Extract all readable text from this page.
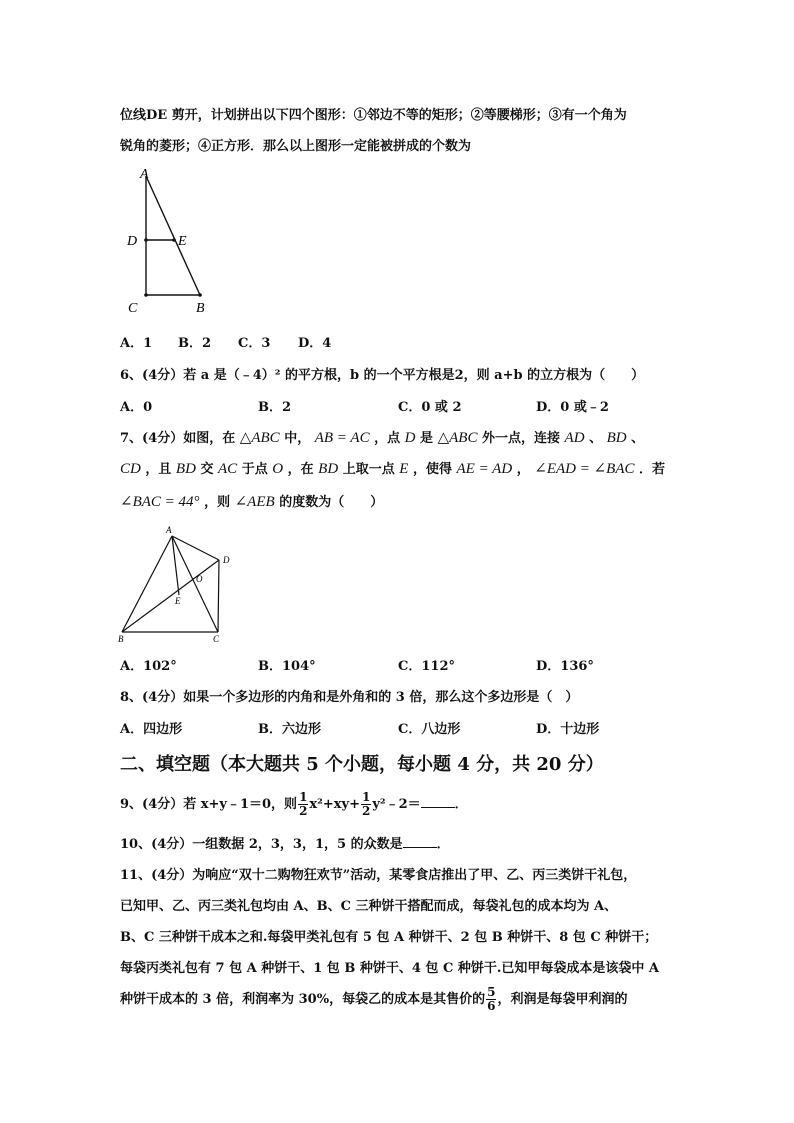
位线DE 剪开，计划拼出以下四个图形：①邻边不等的矩形；②等腰梯形；③有一个角为
锐角的菱形；④正方形．那么以上图形一定能被拼成的个数为
A
D	E
C	B
A．1 B．2 C．3 D．4
6、(4分）若 a 是（﹣4）² 的平方根，b 的一个平方根是2，则 a+b 的立方根为（　　）
A．0	B．2	C．0 或 2	D．0 或﹣2
7、(4分）如图，在 △ABC 中， AB = AC ，点 D 是 △ABC 外一点，连接 AD 、 BD 、
CD ，且 BD 交 AC 于点 O ，在 BD 上取一点 E ，使得 AE = AD ， ∠EAD = ∠BAC ．若
∠BAC = 44° ，则 ∠AEB 的度数为（　　）
A
D
O
E
B	C
A．102°	B．104°	C．112°	D．136°
8、(4分）如果一个多边形的内角和是外角和的 3 倍，那么这个多边形是（　）
A．四边形	B．六边形	C．八边形	D．十边形
二、填空题（本大题共 5 个小题，每小题 4 分，共 20 分）
9、(4分）若 x+y﹣1＝0，则 $\frac{1}{2} x^2+xy+ \frac{1}{2}$ y²﹣2＝	．
10、(4分）一组数据 2，3，3，1，5 的众数是	．
11、(4分）为响应“双十二购物狂欢节”活动，某零食店推出了甲、乙、丙三类饼干礼包，
已知甲、乙、丙三类礼包均由 A、B、C 三种饼干搭配而成，每袋礼包的成本均为 A、
B、C 三种饼干成本之和.每袋甲类礼包有 5 包 A 种饼干、2 包 B 种饼干、8 包 C 种饼干；
每袋丙类礼包有 7 包 A 种饼干、1 包 B 种饼干、4 包 C 种饼干.已知甲每袋成本是该袋中 A
种饼干成本的 3 倍，利润率为 30%，每袋乙的成本是其售价的 $\frac{5}{6}$ ，利润是每袋甲利润的
